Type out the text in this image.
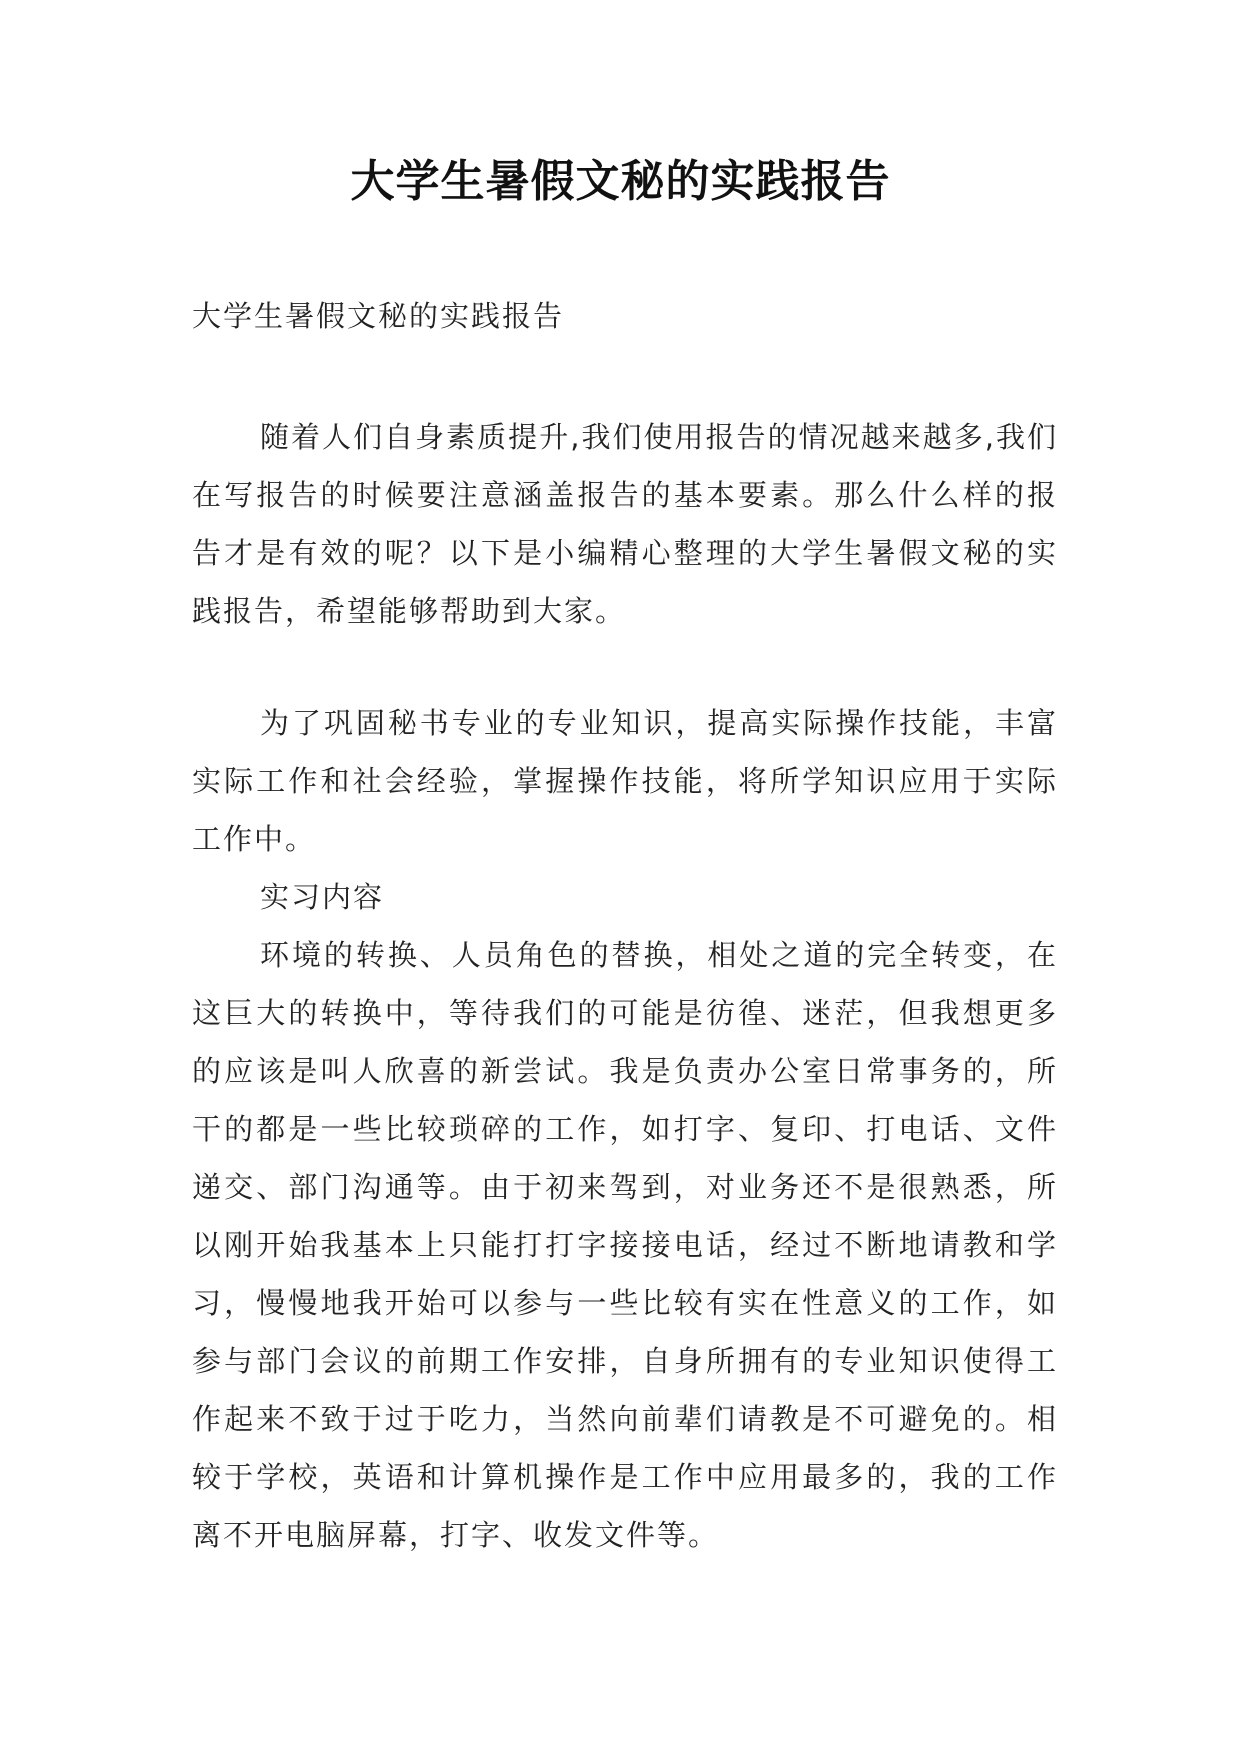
大学生暑假文秘的实践报告
大学生暑假文秘的实践报告

随着人们自身素质提升,我们使用报告的情况越来越多,我们在写报告的时候要注意涵盖报告的基本要素。那么什么样的报告才是有效的呢？以下是小编精心整理的大学生暑假文秘的实践报告，希望能够帮助到大家。

为了巩固秘书专业的专业知识，提高实际操作技能，丰富实际工作和社会经验，掌握操作技能，将所学知识应用于实际工作中。

实习内容

环境的转换、人员角色的替换，相处之道的完全转变，在这巨大的转换中，等待我们的可能是彷徨、迷茫，但我想更多的应该是叫人欣喜的新尝试。我是负责办公室日常事务的，所干的都是一些比较琐碎的工作，如打字、复印、打电话、文件递交、部门沟通等。由于初来驾到，对业务还不是很熟悉，所以刚开始我基本上只能打打字接接电话，经过不断地请教和学习，慢慢地我开始可以参与一些比较有实在性意义的工作，如参与部门会议的前期工作安排，自身所拥有的专业知识使得工作起来不致于过于吃力，当然向前辈们请教是不可避免的。相较于学校，英语和计算机操作是工作中应用最多的，我的工作离不开电脑屏幕，打字、收发文件等。
